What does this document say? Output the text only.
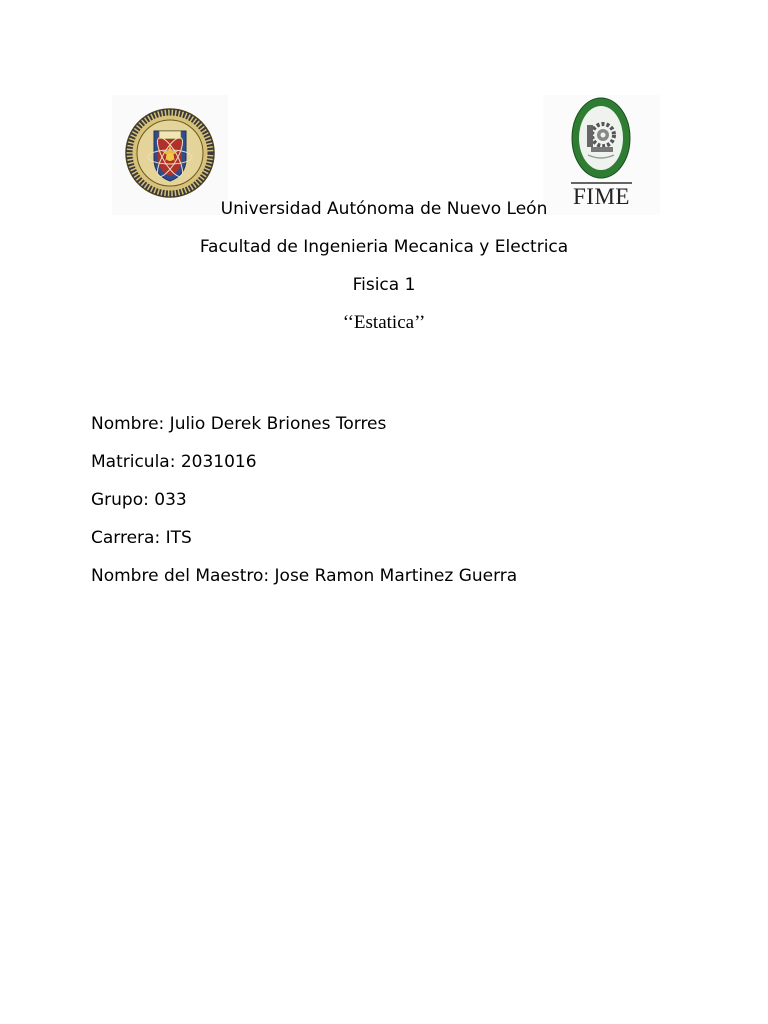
FIME
Universidad Autónoma de Nuevo León
Facultad de Ingenieria Mecanica y Electrica
Fisica 1
‘‘Estatica’’
Nombre: Julio Derek Briones Torres
Matricula: 2031016
Grupo: 033
Carrera: ITS
Nombre del Maestro: Jose Ramon Martinez Guerra
